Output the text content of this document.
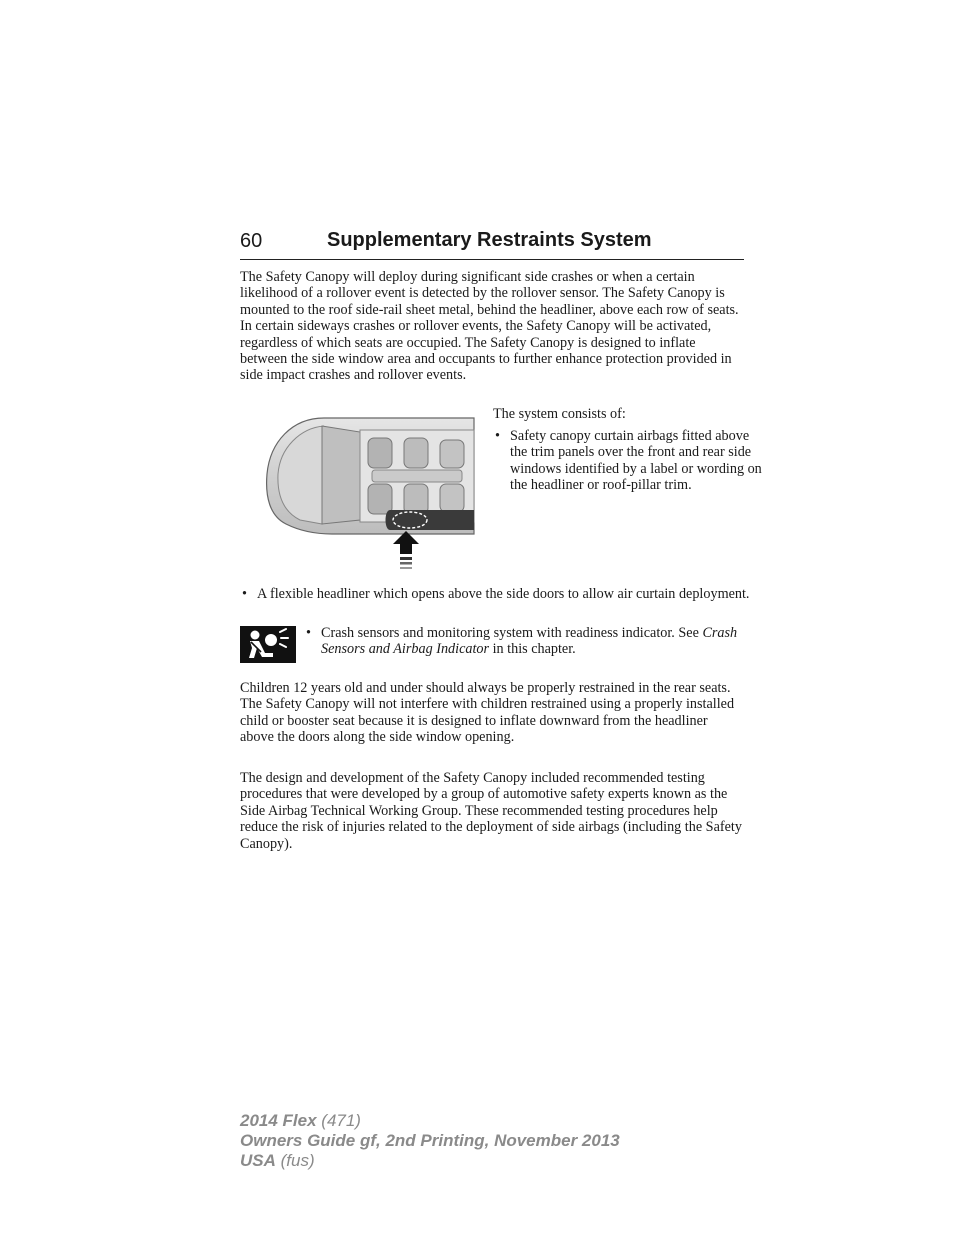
60	Supplementary Restraints System

The Safety Canopy will deploy during significant side crashes or when a certain likelihood of a rollover event is detected by the rollover sensor. The Safety Canopy is mounted to the roof side-rail sheet metal, behind the headliner, above each row of seats. In certain sideways crashes or rollover events, the Safety Canopy will be activated, regardless of which seats are occupied. The Safety Canopy is designed to inflate between the side window area and occupants to further enhance protection provided in side impact crashes and rollover events.

The system consists of:

• Safety canopy curtain airbags fitted above the trim panels over the front and rear side windows identified by a label or wording on the headliner or roof-pillar trim.
• A flexible headliner which opens above the side doors to allow air curtain deployment.
• Crash sensors and monitoring system with readiness indicator. See Crash Sensors and Airbag Indicator in this chapter.

Children 12 years old and under should always be properly restrained in the rear seats. The Safety Canopy will not interfere with children restrained using a properly installed child or booster seat because it is designed to inflate downward from the headliner above the doors along the side window opening.

The design and development of the Safety Canopy included recommended testing procedures that were developed by a group of automotive safety experts known as the Side Airbag Technical Working Group. These recommended testing procedures help reduce the risk of injuries related to the deployment of side airbags (including the Safety Canopy).

2014 Flex (471)
Owners Guide gf, 2nd Printing, November 2013
USA (fus)
